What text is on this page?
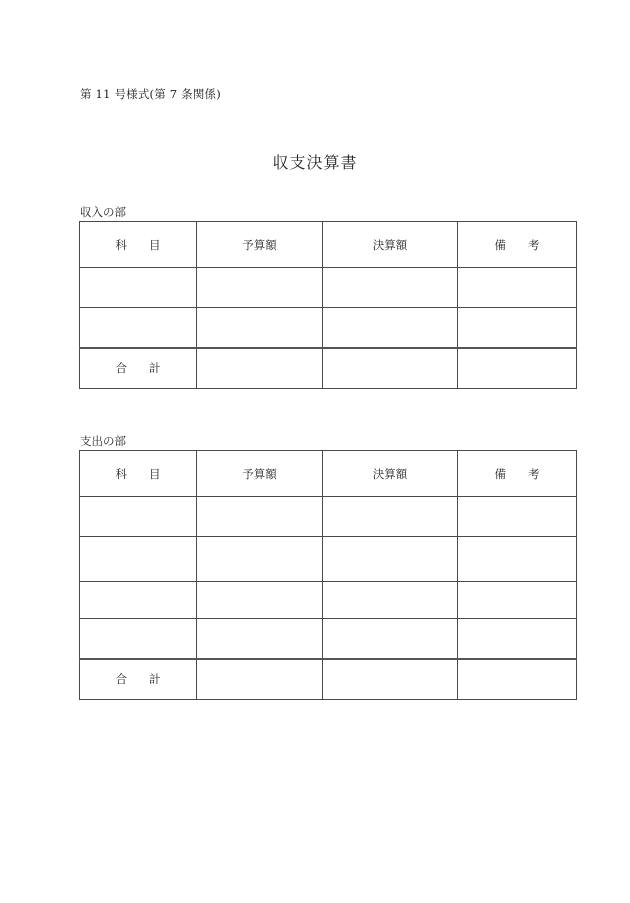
第 11 号様式(第 7 条関係)
収支決算書
収入の部
科 目	予算額	決算額	備 考

合 計			
支出の部
科 目	予算額	決算額	備 考

合 計			
